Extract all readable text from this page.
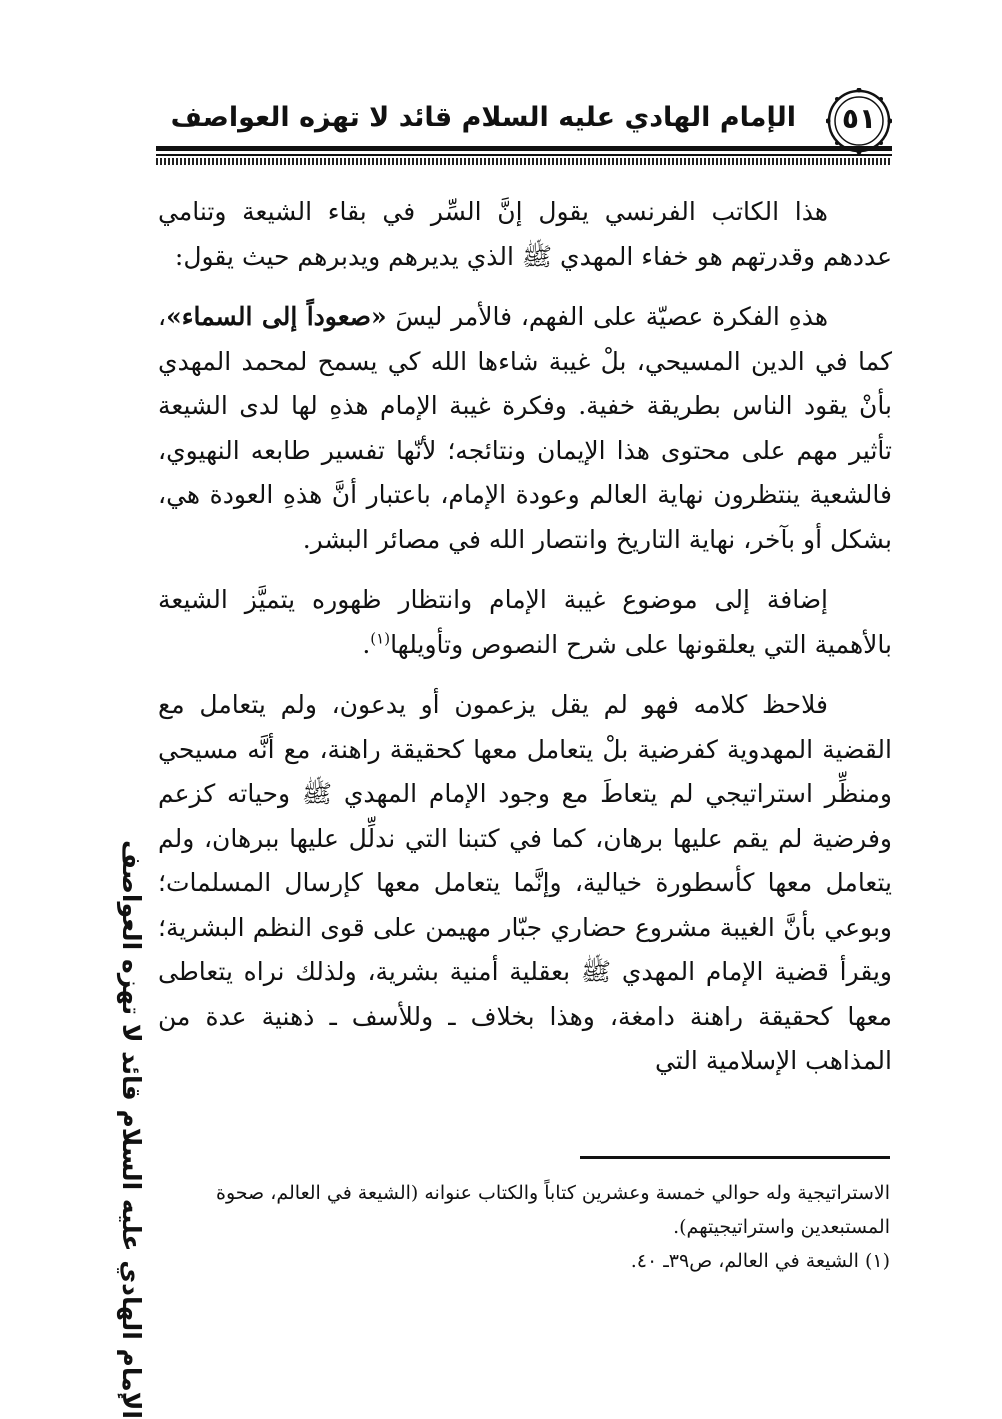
الإمام الهادي عليه السلام قائد لا تهزه العواصف	٥١

هذا الكاتب الفرنسي يقول إنَّ السِّر في بقاء الشيعة وتنامي عددهم وقدرتهم هو خفاء المهدي ﷺ الذي يديرهم ويدبرهم حيث يقول:

هذهِ الفكرة عصيّة على الفهم، فالأمر ليسَ «صعوداً إلى السماء»، كما في الدين المسيحي، بلْ غيبة شاءها الله كي يسمح لمحمد المهدي بأنْ يقود الناس بطريقة خفية. وفكرة غيبة الإمام هذهِ لها لدى الشيعة تأثير مهم على محتوى هذا الإيمان ونتائجه؛ لأنّها تفسير طابعه النهيوي، فالشعية ينتظرون نهاية العالم وعودة الإمام، باعتبار أنَّ هذهِ العودة هي، بشكل أو بآخر، نهاية التاريخ وانتصار الله في مصائر البشر.

إضافة إلى موضوع غيبة الإمام وانتظار ظهوره يتميَّز الشيعة بالأهمية التي يعلقونها على شرح النصوص وتأويلها$^{(١)}$.

فلاحظ كلامه فهو لم يقل يزعمون أو يدعون، ولم يتعامل مع القضية المهدوية كفرضية بلْ يتعامل معها كحقيقة راهنة، مع أنَّه مسيحي ومنظِّر استراتيجي لم يتعاطَ مع وجود الإمام المهدي ﷺ وحياته كزعم وفرضية لم يقم عليها برهان، كما في كتبنا التي ندلِّل عليها ببرهان، ولم يتعامل معها كأسطورة خيالية، وإنَّما يتعامل معها كإرسال المسلمات؛ وبوعي بأنَّ الغيبة مشروع حضاري جبّار مهيمن على قوى النظم البشرية؛ ويقرأ قضية الإمام المهدي ﷺ بعقلية أمنية بشرية، ولذلك نراه يتعاطى معها كحقيقة راهنة دامغة، وهذا بخلاف ـ وللأسف ـ ذهنية عدة من المذاهب الإسلامية التي

الإمام الهادي عليه السلام قائد لا تهزه العواصف	الاستراتيجية وله حوالي خمسة وعشرين كتاباً والكتاب عنوانه (الشيعة في العالم، صحوة المستبعدين واستراتيجيتهم).

(١) الشيعة في العالم، ص٣٩ـ ٤٠.
